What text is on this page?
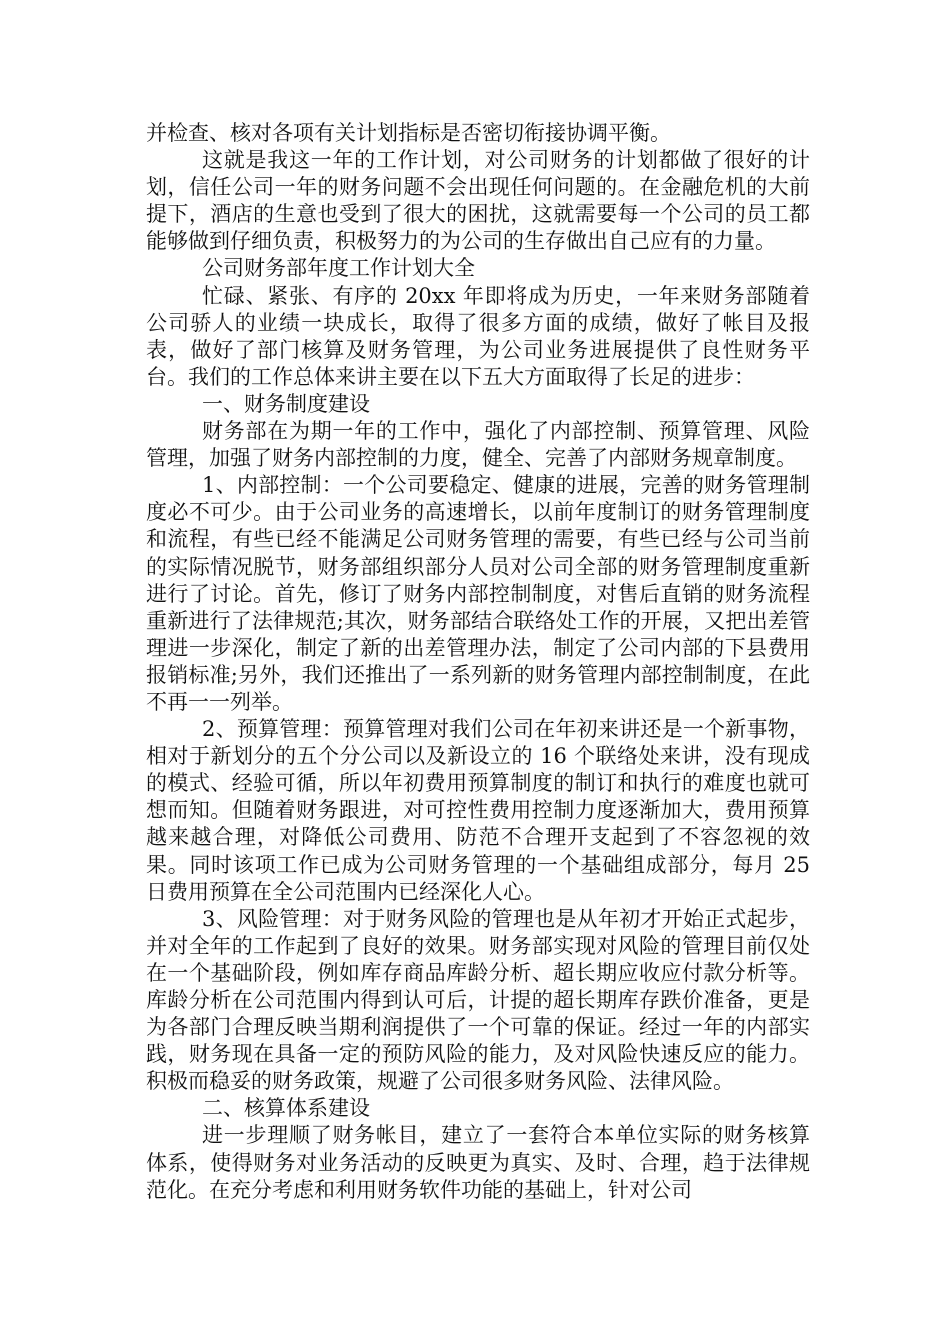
并检查、核对各项有关计划指标是否密切衔接协调平衡。

这就是我这一年的工作计划，对公司财务的计划都做了很好的计划，信任公司一年的财务问题不会出现任何问题的。在金融危机的大前提下，酒店的生意也受到了很大的困扰，这就需要每一个公司的员工都能够做到仔细负责，积极努力的为公司的生存做出自己应有的力量。

公司财务部年度工作计划大全

忙碌、紧张、有序的 20xx 年即将成为历史，一年来财务部随着公司骄人的业绩一块成长，取得了很多方面的成绩，做好了帐目及报表，做好了部门核算及财务管理，为公司业务进展提供了良性财务平台。我们的工作总体来讲主要在以下五大方面取得了长足的进步：

一、财务制度建设

财务部在为期一年的工作中，强化了内部控制、预算管理、风险管理，加强了财务内部控制的力度，健全、完善了内部财务规章制度。

1、内部控制：一个公司要稳定、健康的进展，完善的财务管理制度必不可少。由于公司业务的高速增长，以前年度制订的财务管理制度和流程，有些已经不能满足公司财务管理的需要，有些已经与公司当前的实际情况脱节，财务部组织部分人员对公司全部的财务管理制度重新进行了讨论。首先，修订了财务内部控制制度，对售后直销的财务流程重新进行了法律规范;其次，财务部结合联络处工作的开展，又把出差管理进一步深化，制定了新的出差管理办法，制定了公司内部的下县费用报销标准;另外，我们还推出了一系列新的财务管理内部控制制度，在此不再一一列举。

2、预算管理：预算管理对我们公司在年初来讲还是一个新事物，相对于新划分的五个分公司以及新设立的 16 个联络处来讲，没有现成的模式、经验可循，所以年初费用预算制度的制订和执行的难度也就可想而知。但随着财务跟进，对可控性费用控制力度逐渐加大，费用预算越来越合理，对降低公司费用、防范不合理开支起到了不容忽视的效果。同时该项工作已成为公司财务管理的一个基础组成部分，每月 25 日费用预算在全公司范围内已经深化人心。

3、风险管理：对于财务风险的管理也是从年初才开始正式起步，并对全年的工作起到了良好的效果。财务部实现对风险的管理目前仅处在一个基础阶段，例如库存商品库龄分析、超长期应收应付款分析等。库龄分析在公司范围内得到认可后，计提的超长期库存跌价准备，更是为各部门合理反映当期利润提供了一个可靠的保证。经过一年的内部实践，财务现在具备一定的预防风险的能力，及对风险快速反应的能力。积极而稳妥的财务政策，规避了公司很多财务风险、法律风险。

二、核算体系建设

进一步理顺了财务帐目，建立了一套符合本单位实际的财务核算体系，使得财务对业务活动的反映更为真实、及时、合理，趋于法律规范化。在充分考虑和利用财务软件功能的基础上，针对公司
